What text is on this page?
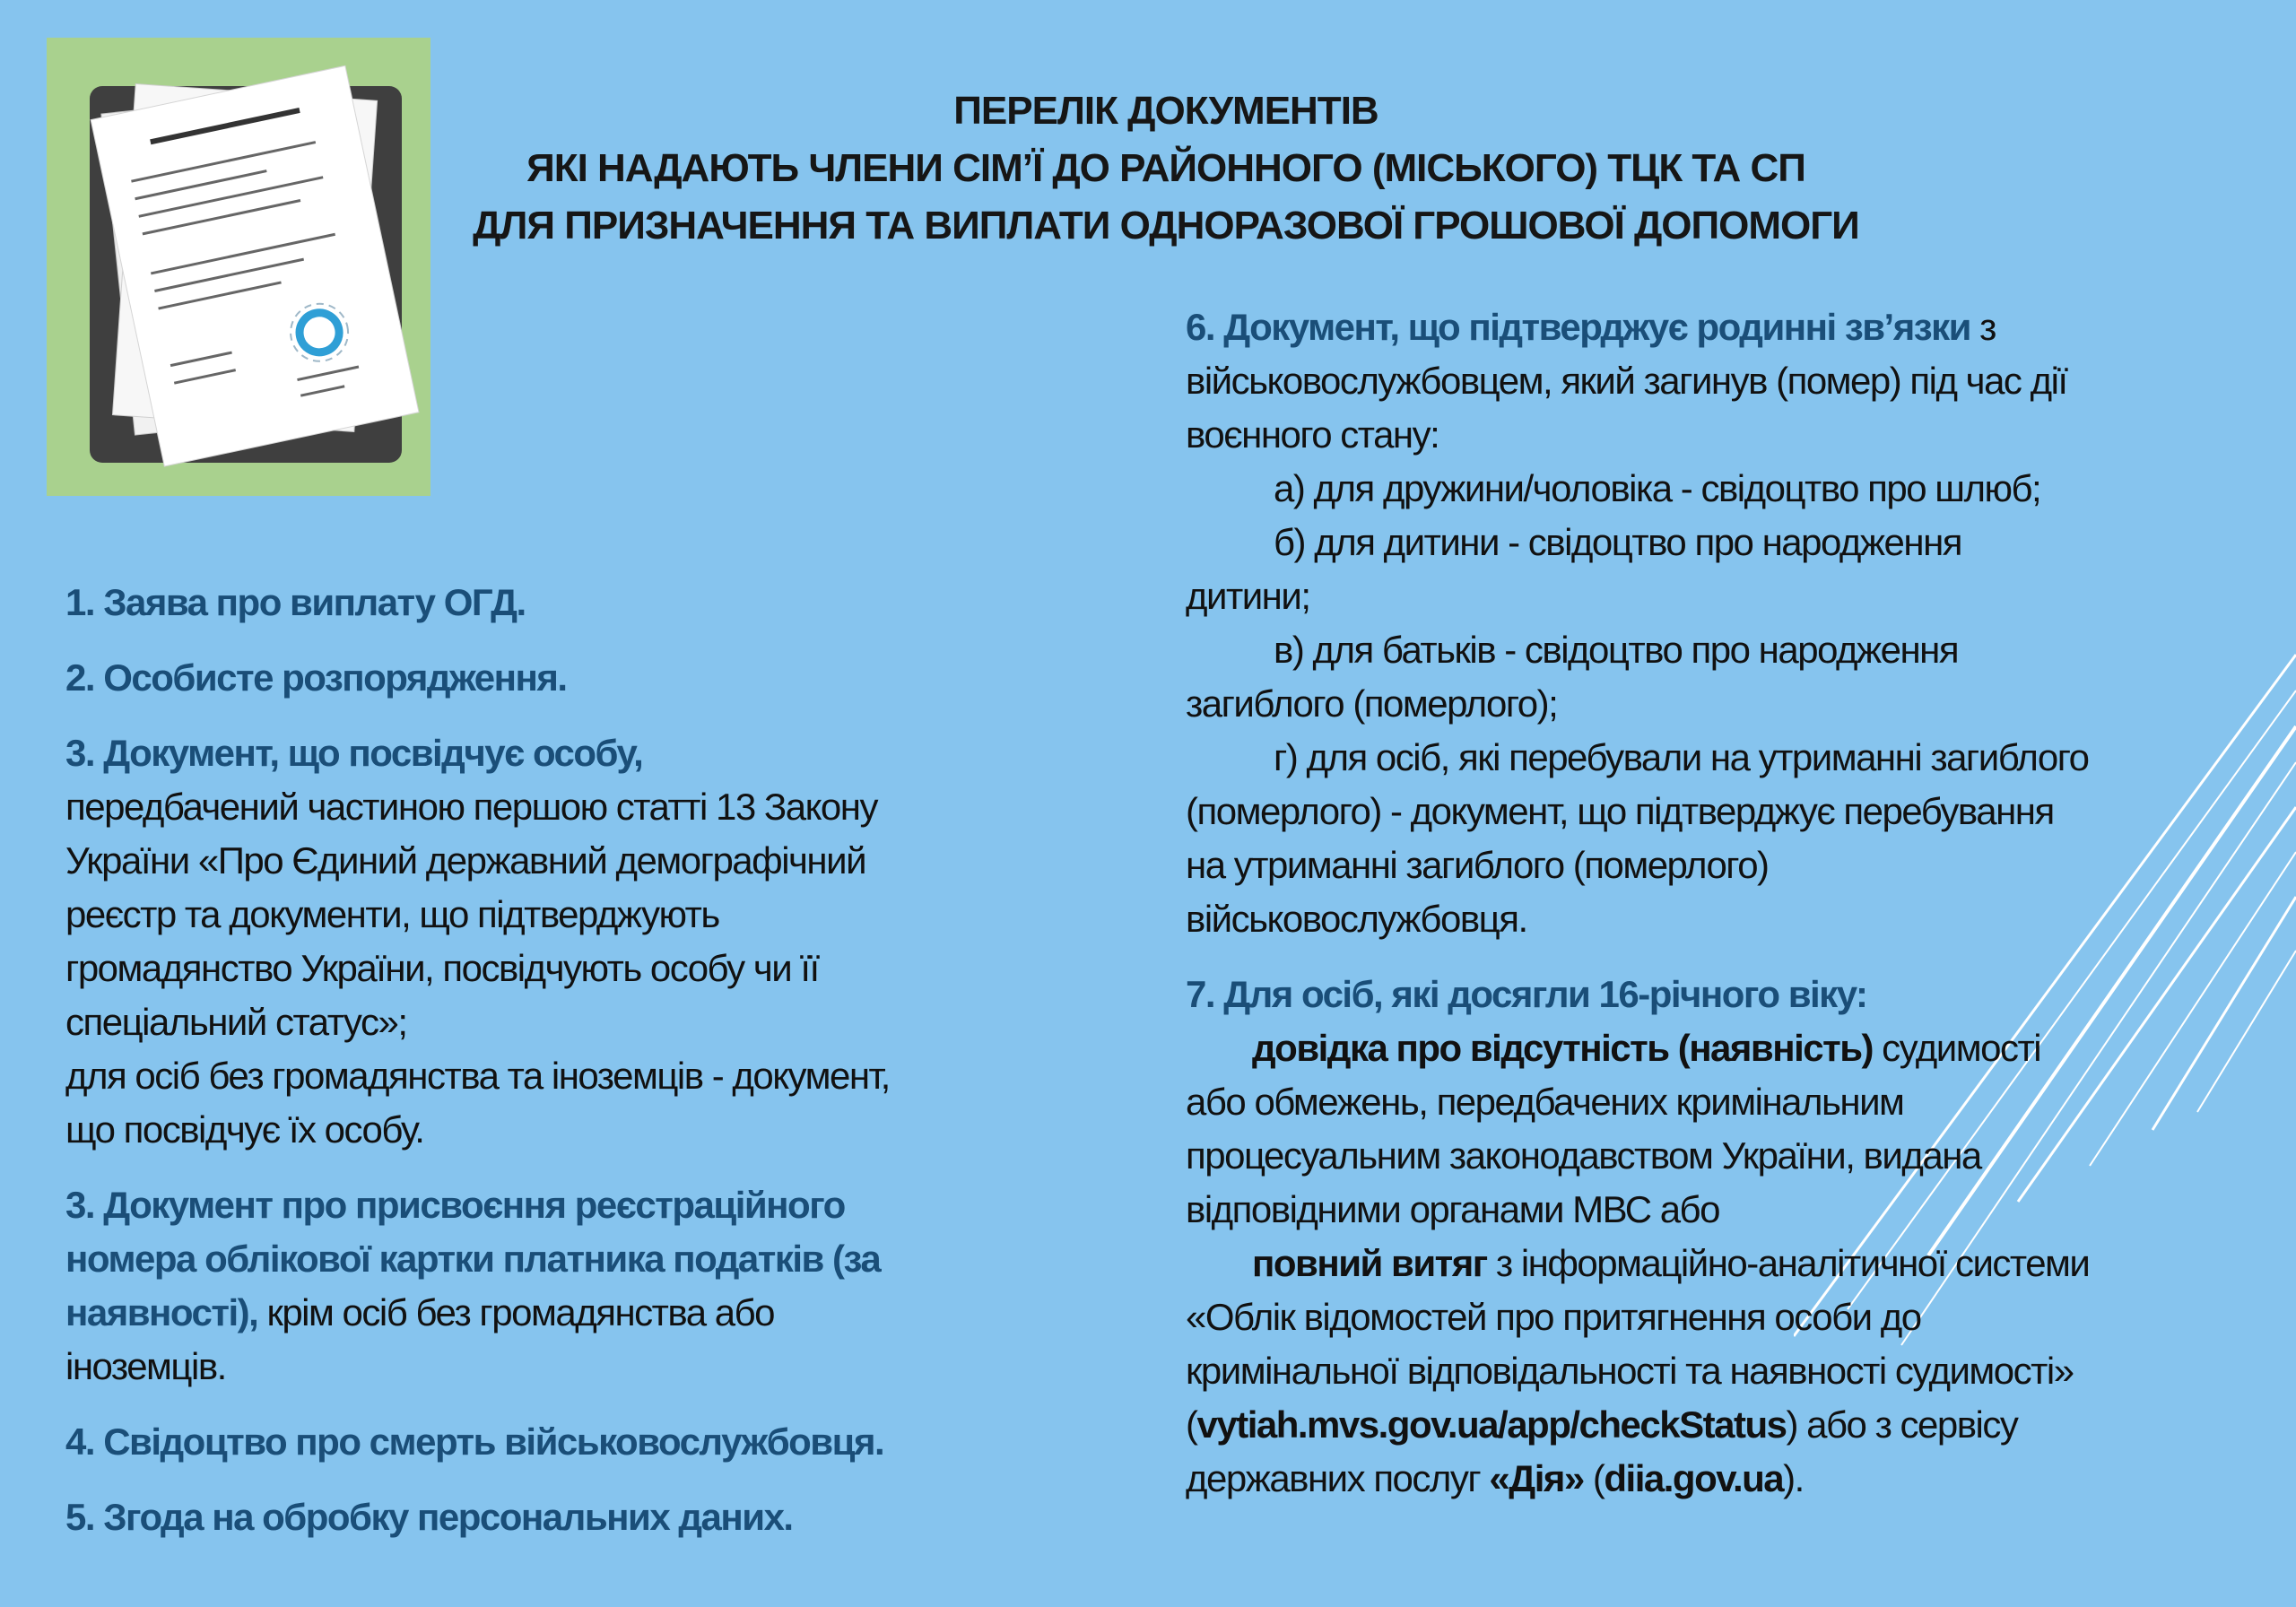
ПЕРЕЛІК ДОКУМЕНТІВ
ЯКІ НАДАЮТЬ ЧЛЕНИ СІМ’Ї ДО РАЙОННОГО (МІСЬКОГО) ТЦК ТА СП
ДЛЯ ПРИЗНАЧЕННЯ ТА ВИПЛАТИ ОДНОРАЗОВОЇ ГРОШОВОЇ ДОПОМОГИ
1. Заява про виплату ОГД.
2. Особисте розпорядження.
3. Документ, що посвідчує особу,
передбачений частиною першою статті 13 Закону
України «Про Єдиний державний демографічний
реєстр та документи, що підтверджують
громадянство України, посвідчують особу чи її
спеціальний статус»;
для осіб без громадянства та іноземців - документ,
що посвідчує їх особу.
3. Документ про присвоєння реєстраційного
номера облікової картки платника податків (за
наявності), крім осіб без громадянства або
іноземців.
4. Свідоцтво про смерть військовослужбовця.
5. Згода на обробку персональних даних.
6. Документ, що підтверджує родинні зв’язки з
військовослужбовцем, який загинув (помер) під час дії
воєнного стану:
а) для дружини/чоловіка - свідоцтво про шлюб;
б) для дитини - свідоцтво про народження
дитини;
в) для батьків - свідоцтво про народження
загиблого (померлого);
г) для осіб, які перебували на утриманні загиблого
(померлого) - документ, що підтверджує перебування
на утриманні загиблого (померлого)
військовослужбовця.
7. Для осіб, які досягли 16-річного віку:
довідка про відсутність (наявність) судимості
або обмежень, передбачених кримінальним
процесуальним законодавством України, видана
відповідними органами МВС або
повний витяг з інформаційно-аналітичної системи
«Облік відомостей про притягнення особи до
кримінальної відповідальності та наявності судимості»
(vytiah.mvs.gov.ua/app/checkStatus) або з сервісу
державних послуг «Дія» (diia.gov.ua).
